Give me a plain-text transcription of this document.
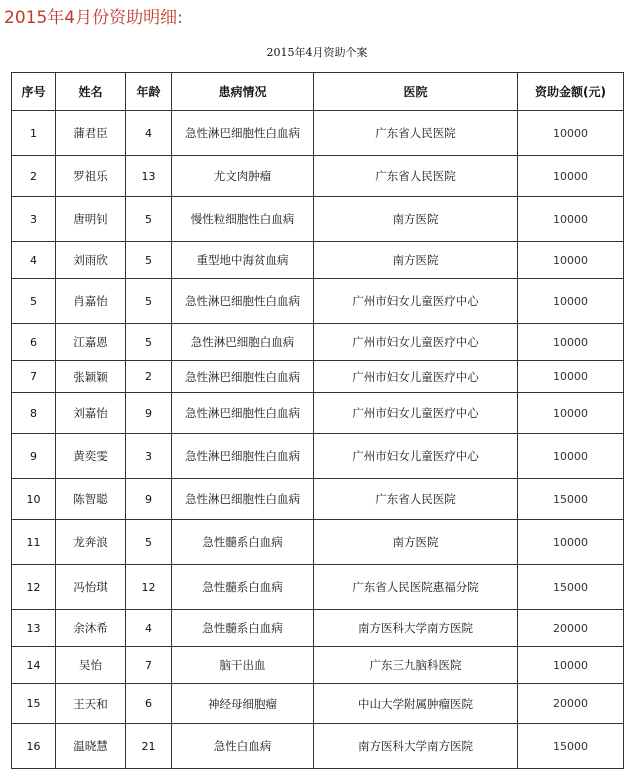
2015年4月份资助明细:
2015年4月资助个案
序号	姓名	年龄	患病情况	医院	资助金额(元)
1	蒲君臣	4	急性淋巴细胞性白血病	广东省人民医院	10000
2	罗祖乐	13	尤文肉肿瘤	广东省人民医院	10000
3	唐明钊	5	慢性粒细胞性白血病	南方医院	10000
4	刘雨欣	5	重型地中海贫血病	南方医院	10000
5	肖嘉怡	5	急性淋巴细胞性白血病	广州市妇女儿童医疗中心	10000
6	江嘉恩	5	急性淋巴细胞白血病	广州市妇女儿童医疗中心	10000
7	张颖颖	2	急性淋巴细胞性白血病	广州市妇女儿童医疗中心	10000
8	刘嘉怡	9	急性淋巴细胞性白血病	广州市妇女儿童医疗中心	10000
9	黄奕雯	3	急性淋巴细胞性白血病	广州市妇女儿童医疗中心	10000
10	陈智聪	9	急性淋巴细胞性白血病	广东省人民医院	15000
11	龙奔浪	5	急性髓系白血病	南方医院	10000
12	冯怡琪	12	急性髓系白血病	广东省人民医院惠福分院	15000
13	余沐希	4	急性髓系白血病	南方医科大学南方医院	20000
14	吴怡	7	脑干出血	广东三九脑科医院	10000
15	王天和	6	神经母细胞瘤	中山大学附属肿瘤医院	20000
16	温晓慧	21	急性白血病	南方医科大学南方医院	15000
